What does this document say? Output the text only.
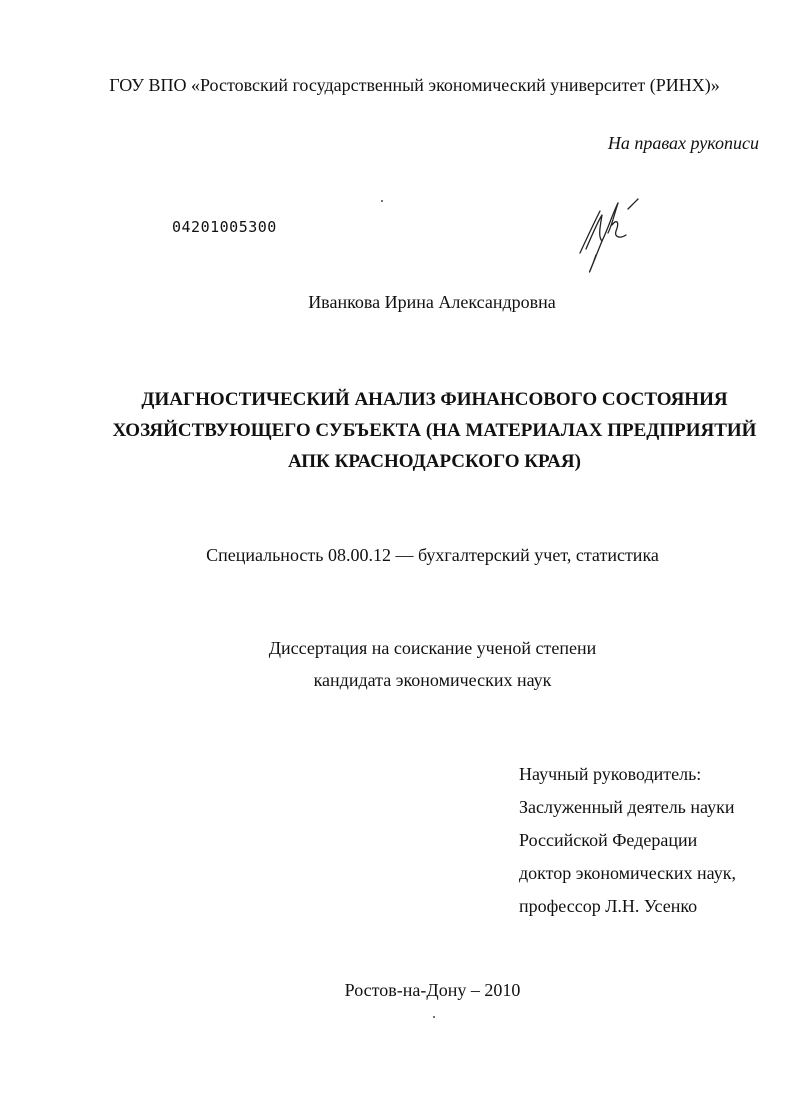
ГОУ ВПО «Ростовский государственный экономический университет (РИНХ)»
На правах рукописи
04201005300
Иванкова Ирина Александровна
ДИАГНОСТИЧЕСКИЙ АНАЛИЗ ФИНАНСОВОГО СОСТОЯНИЯ
ХОЗЯЙСТВУЮЩЕГО СУБЪЕКТА (НА МАТЕРИАЛАХ ПРЕДПРИЯТИЙ
АПК КРАСНОДАРСКОГО КРАЯ)
Специальность 08.00.12 — бухгалтерский учет, статистика
Диссертация на соискание ученой степени
кандидата экономических наук
Научный руководитель:
Заслуженный деятель науки
Российской Федерации
доктор экономических наук,
профессор Л.Н. Усенко
Ростов-на-Дону – 2010
